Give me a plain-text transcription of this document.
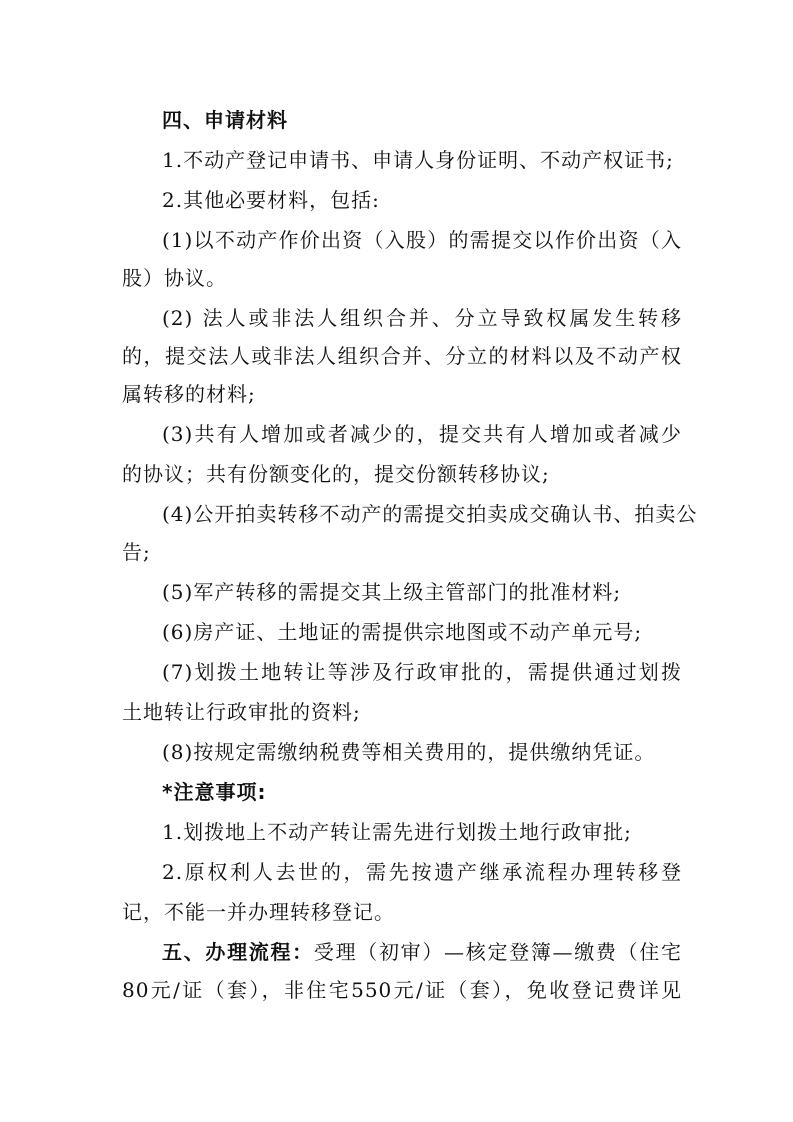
四、申请材料
1.不动产登记申请书、申请人身份证明、不动产权证书;
2.其他必要材料，包括:
(1)以不动产作价出资（入股）的需提交以作价出资（入
股）协议。
(2) 法人或非法人组织合并、分立导致权属发生转移
的，提交法人或非法人组织合并、分立的材料以及不动产权
属转移的材料;
(3)共有人增加或者减少的，提交共有人增加或者减少
的协议；共有份额变化的，提交份额转移协议;
(4)公开拍卖转移不动产的需提交拍卖成交确认书、拍卖公
告;
(5)军产转移的需提交其上级主管部门的批准材料;
(6)房产证、土地证的需提供宗地图或不动产单元号;
(7)划拨土地转让等涉及行政审批的，需提供通过划拨
土地转让行政审批的资料;
(8)按规定需缴纳税费等相关费用的，提供缴纳凭证。
*注意事项:
1.划拨地上不动产转让需先进行划拨土地行政审批;
2.原权利人去世的，需先按遗产继承流程办理转移登
记，不能一并办理转移登记。
五、办理流程：受理（初审）—核定登簿—缴费（住宅
80元/证（套），非住宅550元/证（套），免收登记费详见
